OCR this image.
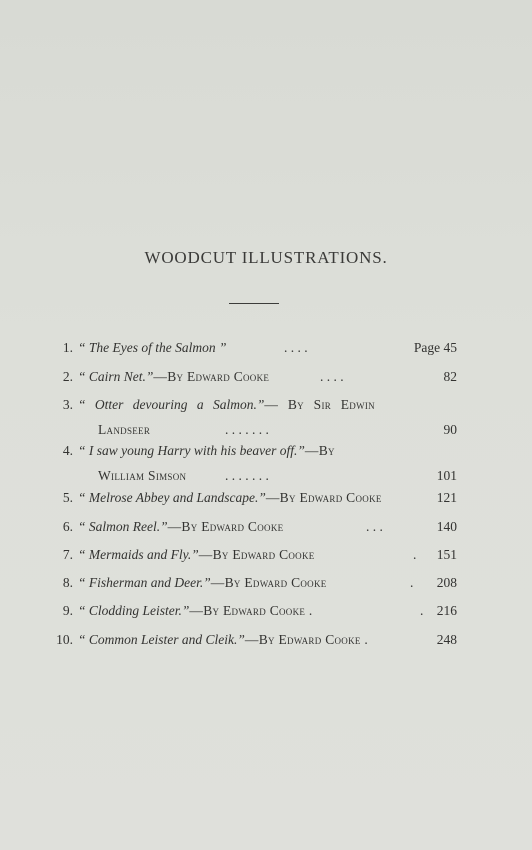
WOODCUT ILLUSTRATIONS.
1. “ The Eyes of the Salmon ”	. . . .	Page 45
2. “ Cairn Net.”—By Edward Cooke	. . . .	82
3. “ Otter devouring a Salmon.”— By Sir Edwin
Landseer	. . . . . . .	90
4. “ I saw young Harry with his beaver off.”—By
William Simson	. . . . . . .	101
5. “ Melrose Abbey and Landscape.”—By Edward Cooke	121
6. “ Salmon Reel.”—By Edward Cooke	. . .	140
7. “ Mermaids and Fly.”—By Edward Cooke	. 151
8. “ Fisherman and Deer.”—By Edward Cooke	. 208
9. “ Clodding Leister.”—By Edward Cooke .	. 216
10. “ Common Leister and Cleik.”—By Edward Cooke .	248
